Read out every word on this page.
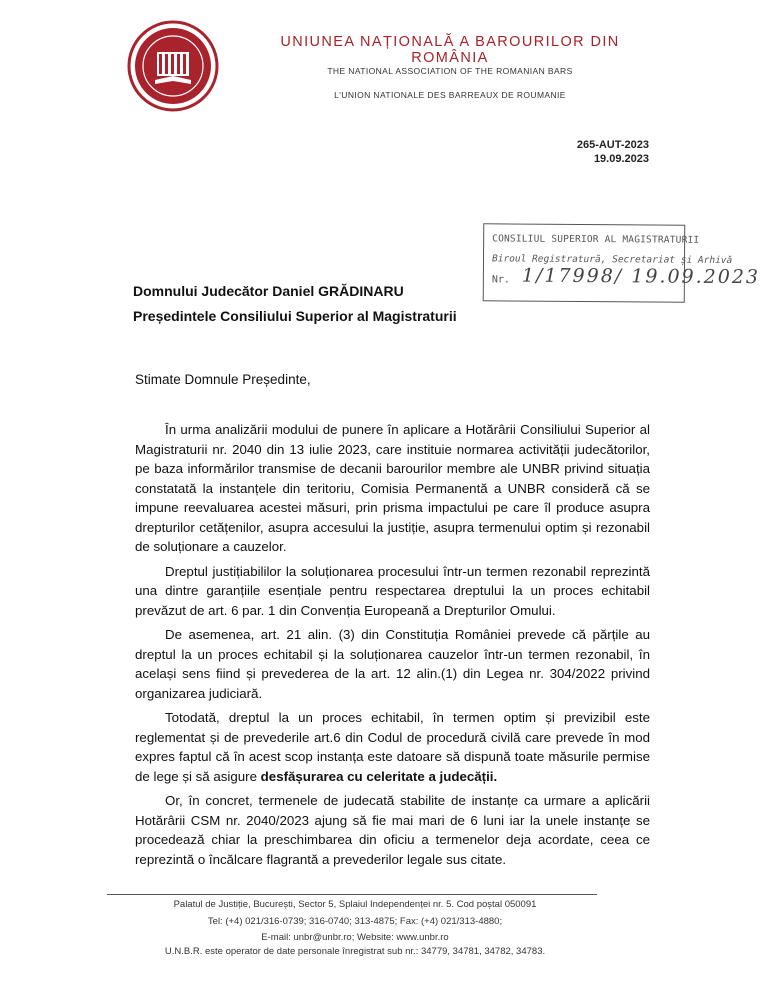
UNIUNEA NAȚIONALĂ A BAROURILOR DIN ROMÂNIA
THE NATIONAL ASSOCIATION OF THE ROMANIAN BARS
L'UNION NATIONALE DES BARREAUX DE ROUMANIE
265-AUT-2023
19.09.2023
CONSILIUL SUPERIOR AL MAGISTRATURII
Biroul Registratură, Secretariat și Arhivă
Nr. 1/17998/ 19.09.2023
Domnului Judecător Daniel GRĂDINARU
Președintele Consiliului Superior al Magistraturii
Stimate Domnule Președinte,

În urma analizării modului de punere în aplicare a Hotărârii Consiliului Superior al Magistraturii nr. 2040 din 13 iulie 2023, care instituie normarea activității judecătorilor, pe baza informărilor transmise de decanii barourilor membre ale UNBR privind situația constatată la instanțele din teritoriu, Comisia Permanentă a UNBR consideră că se impune reevaluarea acestei măsuri, prin prisma impactului pe care îl produce asupra drepturilor cetățenilor, asupra accesului la justiție, asupra termenului optim și rezonabil de soluționare a cauzelor.

Dreptul justițiabililor la soluționarea procesului într-un termen rezonabil reprezintă una dintre garanțiile esențiale pentru respectarea dreptului la un proces echitabil prevăzut de art. 6 par. 1 din Convenția Europeană a Drepturilor Omului.

De asemenea, art. 21 alin. (3) din Constituția României prevede că părțile au dreptul la un proces echitabil și la soluționarea cauzelor într-un termen rezonabil, în același sens fiind și prevederea de la art. 12 alin.(1) din Legea nr. 304/2022 privind organizarea judiciară.

Totodată, dreptul la un proces echitabil, în termen optim și previzibil este reglementat și de prevederile art.6 din Codul de procedură civilă care prevede în mod expres faptul că în acest scop instanța este datoare să dispună toate măsurile permise de lege și să asigure desfășurarea cu celeritate a judecății.

Or, în concret, termenele de judecată stabilite de instanțe ca urmare a aplicării Hotărârii CSM nr. 2040/2023 ajung să fie mai mari de 6 luni iar la unele instanțe se procedează chiar la preschimbarea din oficiu a termenelor deja acordate, ceea ce reprezintă o încălcare flagrantă a prevederilor legale sus citate.

Palatul de Justiție, București, Sector 5, Splaiul Independenței nr. 5. Cod poștal 050091
Tel: (+4) 021/316-0739; 316-0740; 313-4875; Fax: (+4) 021/313-4880;
E-mail: unbr@unbr.ro; Website: www.unbr.ro
U.N.B.R. este operator de date personale înregistrat sub nr.: 34779, 34781, 34782, 34783.
